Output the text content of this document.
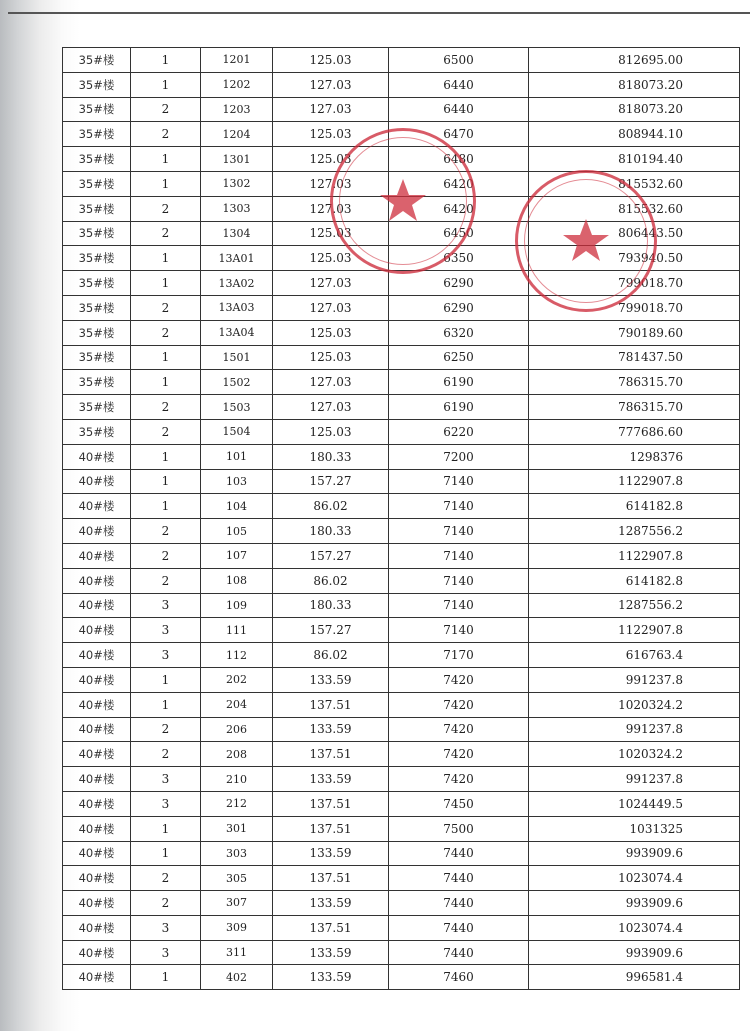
35#楼	1	1201	125.03	6500	812695.00
35#楼	1	1202	127.03	6440	818073.20
35#楼	2	1203	127.03	6440	818073.20
35#楼	2	1204	125.03	6470	808944.10
35#楼	1	1301	125.03	6480	810194.40
35#楼	1	1302	127.03	6420	815532.60
35#楼	2	1303	127.03	6420	815532.60
35#楼	2	1304	125.03	6450	806443.50
35#楼	1	13A01	125.03	6350	793940.50
35#楼	1	13A02	127.03	6290	799018.70
35#楼	2	13A03	127.03	6290	799018.70
35#楼	2	13A04	125.03	6320	790189.60
35#楼	1	1501	125.03	6250	781437.50
35#楼	1	1502	127.03	6190	786315.70
35#楼	2	1503	127.03	6190	786315.70
35#楼	2	1504	125.03	6220	777686.60
40#楼	1	101	180.33	7200	1298376
40#楼	1	103	157.27	7140	1122907.8
40#楼	1	104	86.02	7140	614182.8
40#楼	2	105	180.33	7140	1287556.2
40#楼	2	107	157.27	7140	1122907.8
40#楼	2	108	86.02	7140	614182.8
40#楼	3	109	180.33	7140	1287556.2
40#楼	3	111	157.27	7140	1122907.8
40#楼	3	112	86.02	7170	616763.4
40#楼	1	202	133.59	7420	991237.8
40#楼	1	204	137.51	7420	1020324.2
40#楼	2	206	133.59	7420	991237.8
40#楼	2	208	137.51	7420	1020324.2
40#楼	3	210	133.59	7420	991237.8
40#楼	3	212	137.51	7450	1024449.5
40#楼	1	301	137.51	7500	1031325
40#楼	1	303	133.59	7440	993909.6
40#楼	2	305	137.51	7440	1023074.4
40#楼	2	307	133.59	7440	993909.6
40#楼	3	309	137.51	7440	1023074.4
40#楼	3	311	133.59	7440	993909.6
40#楼	1	402	133.59	7460	996581.4
